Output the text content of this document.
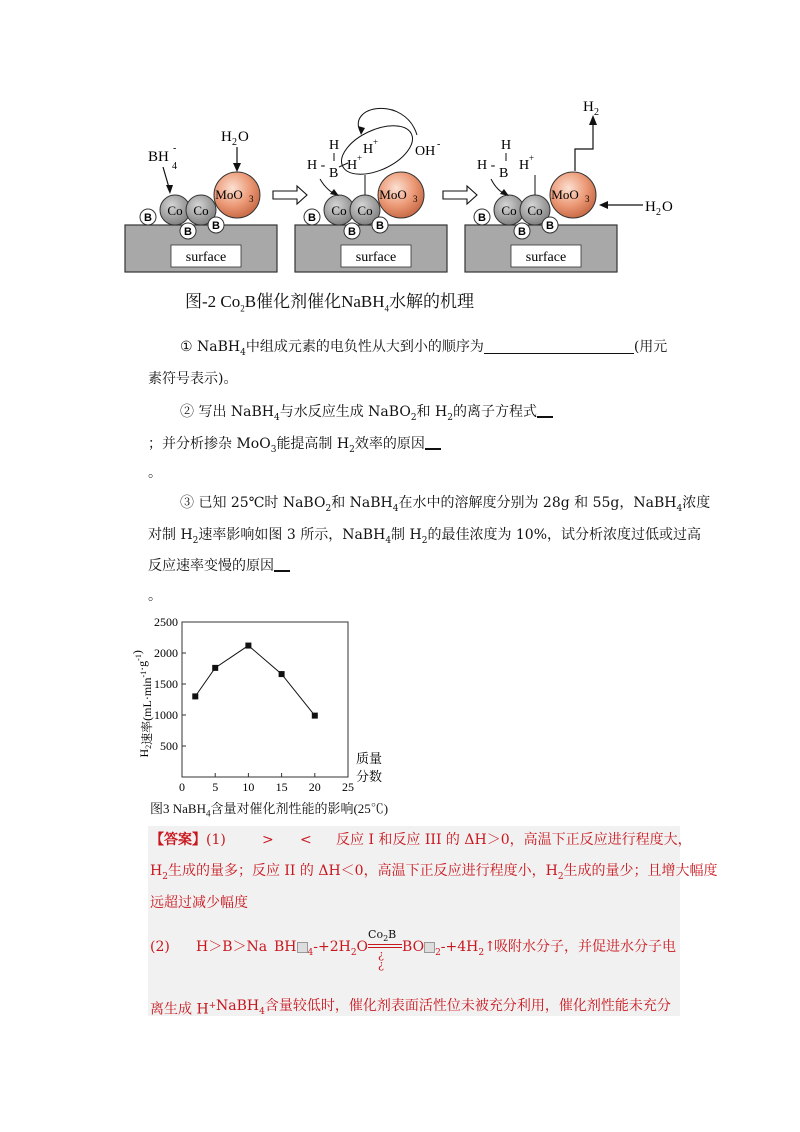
surface
Co Co
MoO 3
B
B B
BH
4
-
H 2 O
surface
Co Co
MoO 3
B
B B
H
H -
B
H +
H +
OH -
surface
Co Co
MoO 3
B
B B
H
H -
B
H +
H 2
H 2 O
图-2 $Co_2B$催化剂催化NaBH$_4$水解的机理
① NaBH$_4$中组成元素的电负性从大到小的顺序为	(用元
素符号表示)。
② 写出 NaBH$_4$与水反应生成 NaBO$_2$和 $H_2$的离子方程式
；并分析掺杂 MoO$_3$能提高制 $H_2$效率的原因
。
③ 已知 25℃时 NaBO$_2$和 NaBH$_4$在水中的溶解度分别为 28g 和 55g，NaBH$_4$浓度
对制 $H_2$速率影响如图 3 所示，NaBH$_4$制 $H_2$的最佳浓度为 10%，试分析浓度过低或过高
反应速率变慢的原因
。
500
1000
1500
2000
2500
0 5 10 15 20 25
$H_2$速率$(mL\cdot\min^{-1}\cdot g^{-1})$
质量
分数
图3 NaBH$_4$含量对催化剂性能的影响(25℃)
【答案】(1)	> < 反应 I 和反应 III 的 ΔH＞0，高温下正反应进行程度大，
$H_2$生成的量多；反应 II 的 ΔH＜0，高温下正反应进行程度小，$H_2$生成的量少；且增大幅度
远超过减少幅度
(2) H＞B＞Na BH $_4-+2H_2O$
$Co_2B$
¿
¿
BO $_2-+4H_2↑$
吸附水分子，并促进水分子电
离生成 H+ NaBH$_4$含量较低时，催化剂表面活性位未被充分利用，催化剂性能未充分
